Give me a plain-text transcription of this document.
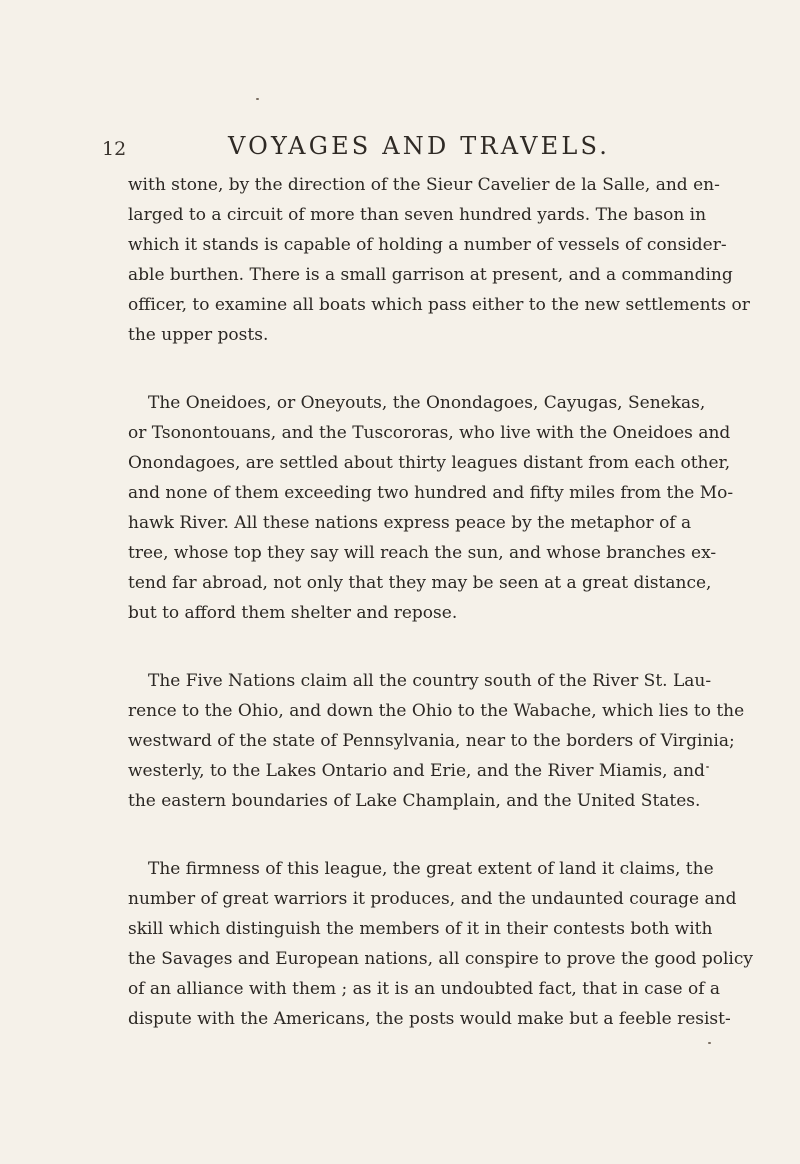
12	VOYAGES AND TRAVELS.

with stone, by the direction of the Sieur Cavelier de la Salle, and en-
larged to a circuit of more than seven hundred yards. The bason in
which it stands is capable of holding a number of vessels of consider-
able burthen. There is a small garrison at present, and a commanding
officer, to examine all boats which pass either to the new settlements or
the upper posts.

The Oneidoes, or Oneyouts, the Onondagoes, Cayugas, Senekas,
or Tsonontouans, and the Tuscororas, who live with the Oneidoes and
Onondagoes, are settled about thirty leagues distant from each other,
and none of them exceeding two hundred and fifty miles from the Mo-
hawk River. All these nations express peace by the metaphor of a
tree, whose top they say will reach the sun, and whose branches ex-
tend far abroad, not only that they may be seen at a great distance,
but to afford them shelter and repose.

The Five Nations claim all the country south of the River St. Lau-
rence to the Ohio, and down the Ohio to the Wabache, which lies to the
westward of the state of Pennsylvania, near to the borders of Virginia;
westerly, to the Lakes Ontario and Erie, and the River Miamis, and
the eastern boundaries of Lake Champlain, and the United States.

The firmness of this league, the great extent of land it claims, the
number of great warriors it produces, and the undaunted courage and
skill which distinguish the members of it in their contests both with
the Savages and European nations, all conspire to prove the good policy
of an alliance with them ; as it is an undoubted fact, that in case of a
dispute with the Americans, the posts would make but a feeble resist-
